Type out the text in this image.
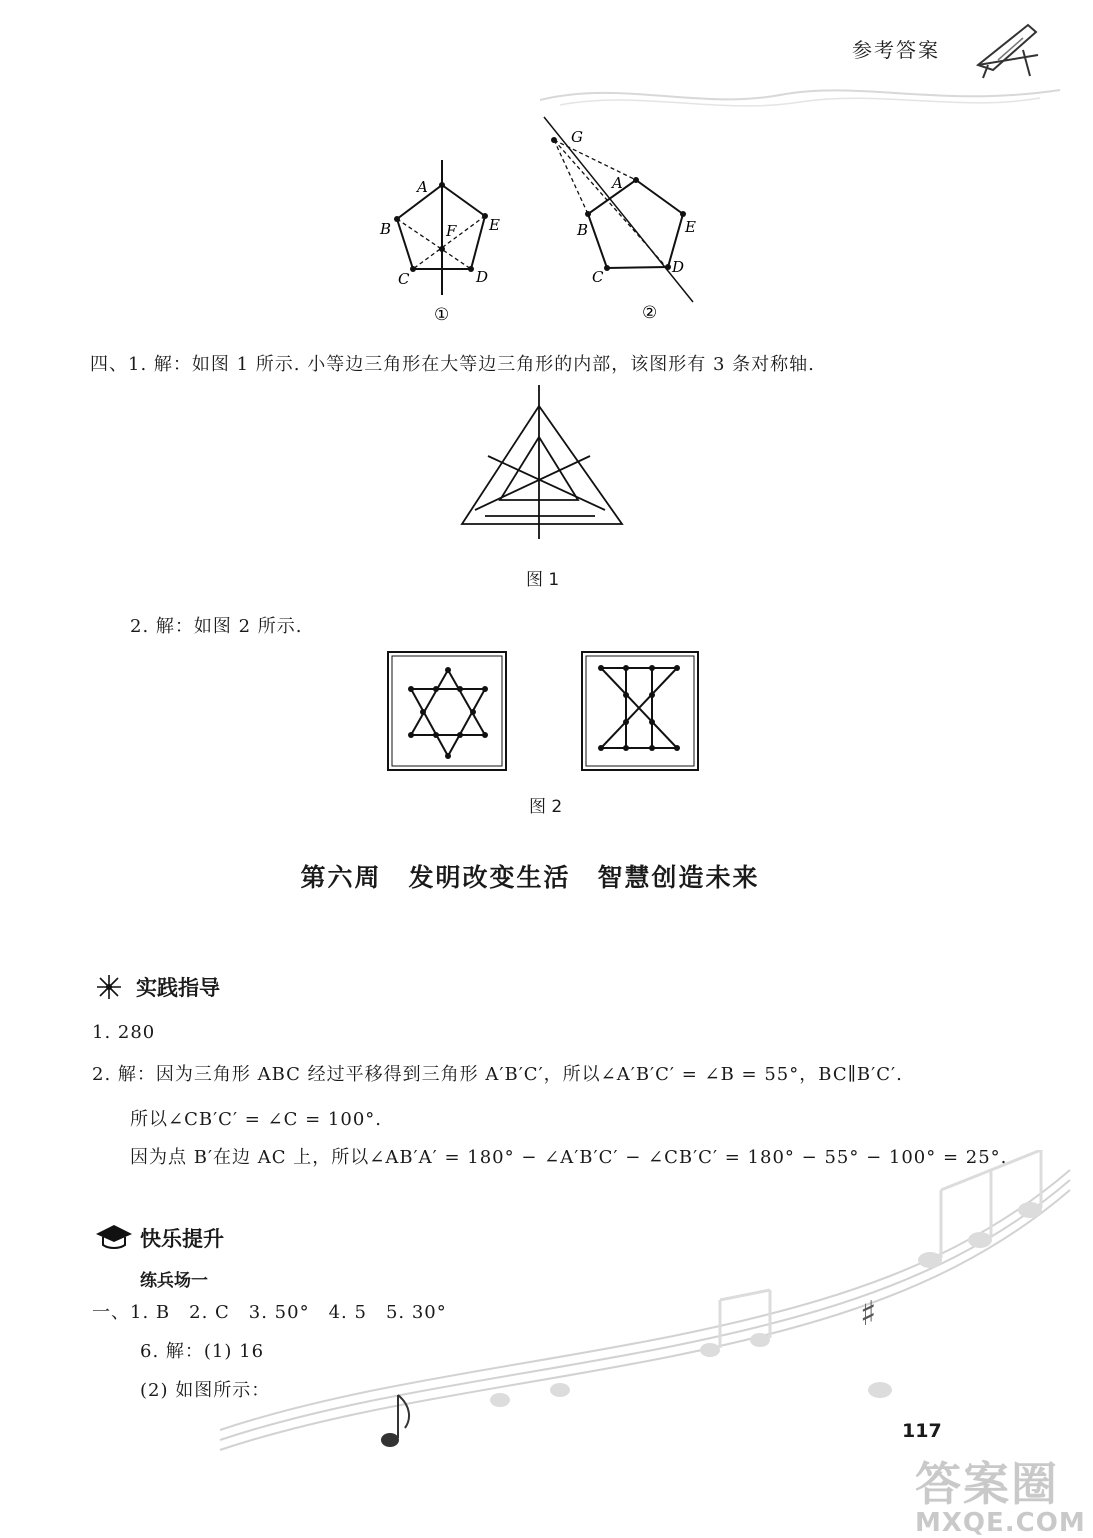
参考答案
A
B
C	D
E
F
①
G
A
B
C
D
E
②
四、1. 解：如图 1 所示. 小等边三角形在大等边三角形的内部，该图形有 3 条对称轴.
图 1
2. 解：如图 2 所示.
图 2
第六周　发明改变生活　智慧创造未来
实践指导
1. 280
2. 解：因为三角形 ABC 经过平移得到三角形 A′B′C′，所以∠A′B′C′ = ∠B = 55°，BC∥B′C′.
所以∠CB′C′ = ∠C = 100°.
因为点 B′在边 AC 上，所以∠AB′A′ = 180° − ∠A′B′C′ − ∠CB′C′ = 180° − 55° − 100° = 25°.
快乐提升
练兵场一
一、1. B　2. C　3. 50°　4. 5　5. 30°
6. 解：(1) 16
(2) 如图所示：
♯
117
答案圈
MXQE.COM
